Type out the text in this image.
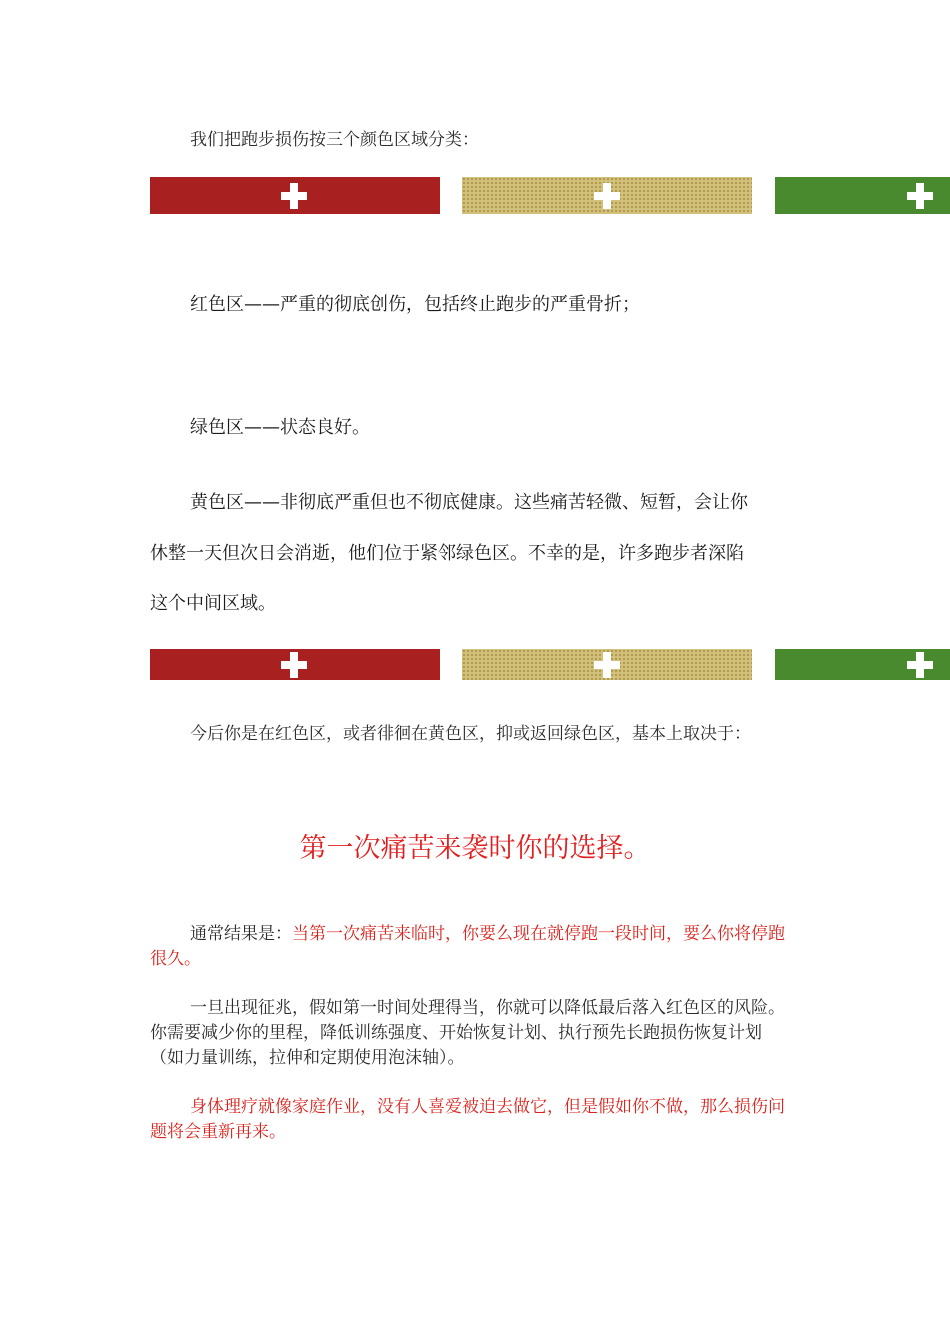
我们把跑步损伤按三个颜色区域分类：
红色区——严重的彻底创伤，包括终止跑步的严重骨折；
绿色区——状态良好。
黄色区——非彻底严重但也不彻底健康。这些痛苦轻微、短暂，会让你
休整一天但次日会消逝，他们位于紧邻绿色区。不幸的是，许多跑步者深陷
这个中间区域。
今后你是在红色区，或者徘徊在黄色区，抑或返回绿色区，基本上取决于：
第一次痛苦来袭时你的选择。
通常结果是：当第一次痛苦来临时，你要么现在就停跑一段时间，要么你将停跑很久。
一旦出现征兆，假如第一时间处理得当，你就可以降低最后落入红色区的风险。你需要减少你的里程，降低训练强度、开始恢复计划、执行预先长跑损伤恢复计划（如力量训练，拉伸和定期使用泡沫轴）。
身体理疗就像家庭作业，没有人喜爱被迫去做它，但是假如你不做，那么损伤问题将会重新再来。
